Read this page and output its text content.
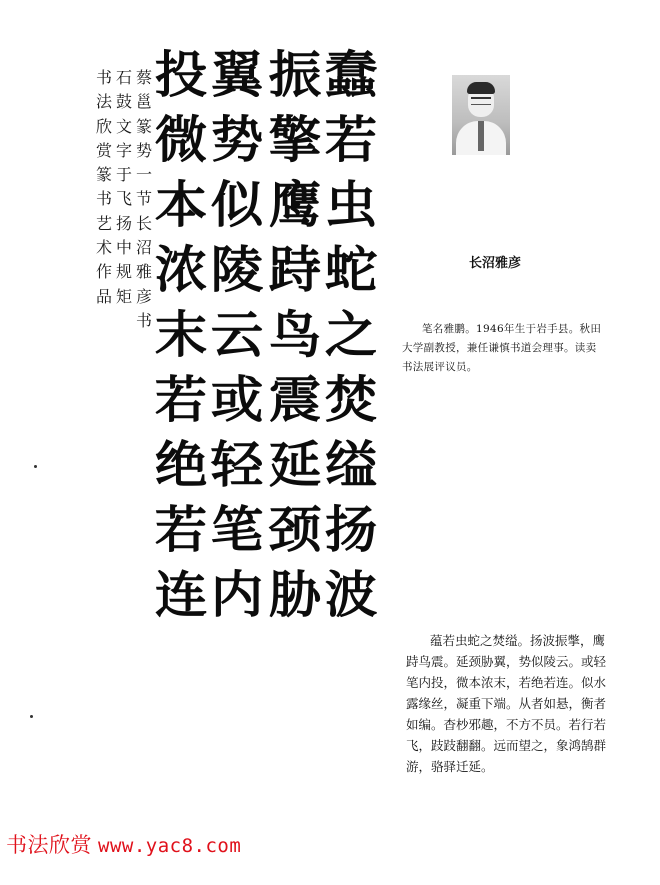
蠢
若
虫
蛇
之
焚
缢
扬
波
振
擎
鹰
跱
鸟
震
延
颈
胁
翼
势
似
陵
云
或
轻
笔
内
投
微
本
浓
末
若
绝
若
连
蔡
邕
篆
势
一
节
长
沼
雅
彦
书
石
鼓
文
字
于
飞
扬
中
规
矩
书
法
欣
赏
篆
书
艺
术
作
品
长沼雅彦
笔名雅鹏。1946年生于岩手县。秋田大学副教授，兼任谦慎书道会理事。读卖书法展评议员。
蕴若虫蛇之焚缢。扬波振撆，鹰跱鸟震。延颈胁翼，势似陵云。或轻笔内投，微本浓末，若绝若连。似水露缘丝，凝重下端。从者如悬，衡者如编。杳杪邪趣，不方不员。若行若飞，跂跂翻翻。远而望之，象鸿鹄群游，骆驿迁延。
书法欣赏 www.yac8.com
